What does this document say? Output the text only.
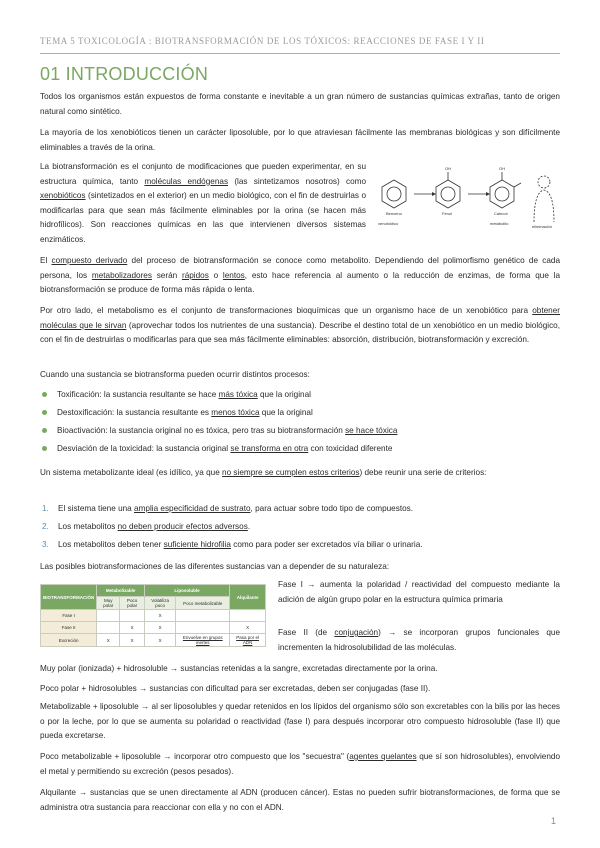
TEMA 5 TOXICOLOGÍA : BIOTRANSFORMACIÓN DE LOS TÓXICOS: REACCIONES DE FASE I Y II
01 INTRODUCCIÓN
Todos los organismos están expuestos de forma constante e inevitable a un gran número de sustancias químicas extrañas, tanto de origen natural como sintético.
La mayoría de los xenobióticos tienen un carácter liposoluble, por lo que atraviesan fácilmente las membranas biológicas y son difícilmente eliminables a través de la orina.
La biotransformación es el conjunto de modificaciones que pueden experimentar, en su estructura química, tanto moléculas endógenas (las sintetizamos nosotros) como xenobióticos (sintetizados en el exterior) en un medio biológico, con el fin de destruirlas o modificarlas para que sean más fácilmente eliminables por la orina (se hacen más hidrofílicos). Son reacciones químicas en las que intervienen diversos sistemas enzimáticos.
OH	OH
Benceno	Fenol	Catecol
xenobiótico	metabolito
eliminación
El compuesto derivado del proceso de biotransformación se conoce como metabolito. Dependiendo del polimorfismo genético de cada persona, los metabolizadores serán rápidos o lentos, esto hace referencia al aumento o la reducción de enzimas, de forma que la biotransformación se produce de forma más rápida o lenta.
Por otro lado, el metabolismo es el conjunto de transformaciones bioquímicas que un organismo hace de un xenobiótico para obtener moléculas que le sirvan (aprovechar todos los nutrientes de una sustancia). Describe el destino total de un xenobiótico en un medio biológico, con el fin de destruirlas o modificarlas para que sea más fácilmente eliminables: absorción, distribución, biotransformación y excreción.
Cuando una sustancia se biotransforma pueden ocurrir distintos procesos:
Toxificación: la sustancia resultante se hace más tóxica que la original
Destoxificación: la sustancia resultante es menos tóxica que la original
Bioactivación: la sustancia original no es tóxica, pero tras su biotransformación se hace tóxica
Desviación de la toxicidad: la sustancia original se transforma en otra con toxicidad diferente
Un sistema metabolizante ideal (es idílico, ya que no siempre se cumplen estos criterios) debe reunir una serie de criterios:
1. El sistema tiene una amplia especificidad de sustrato, para actuar sobre todo tipo de compuestos.
2. Los metabolitos no deben producir efectos adversos.
3. Los metabolitos deben tener suficiente hidrofilia como para poder ser excretados vía biliar o urinaria.
Las posibles biotransformaciones de las diferentes sustancias van a depender de su naturaleza:
BIOTRANSFORMACIÓN	Metabolizable		Liposoluble		Alquilante
	Muy polar	Poco polar	Volatiliza poco	Poco metabolizable	
Fase I			X		
Fase II		X	X		X
Excreción	X	X	X	Envuelve en grupos inertes	Pasa por el ADN
Fase I → aumenta la polaridad / reactividad del compuesto mediante la adición de algún grupo polar en la estructura química primaria
Fase II (de conjugación) → se incorporan grupos funcionales que incrementen la hidrosolubilidad de las moléculas.
Muy polar (ionizada) + hidrosoluble → sustancias retenidas a la sangre, excretadas directamente por la orina.
Poco polar + hidrosolubles → sustancias con dificultad para ser excretadas, deben ser conjugadas (fase II).
Metabolizable + liposoluble → al ser liposolubles y quedar retenidos en los lípidos del organismo sólo son excretables con la bilis por las heces o por la leche, por lo que se aumenta su polaridad o reactividad (fase I) para después incorporar otro compuesto hidrosoluble (fase II) que pueda excretarse.
Poco metabolizable + liposoluble → incorporar otro compuesto que los "secuestra" (agentes quelantes que sí son hidrosolubles), envolviendo el metal y permitiendo su excreción (pesos pesados).
Alquilante → sustancias que se unen directamente al ADN (producen cáncer). Estas no pueden sufrir biotransformaciones, de forma que se administra otra sustancia para reaccionar con ella y no con el ADN.
1
